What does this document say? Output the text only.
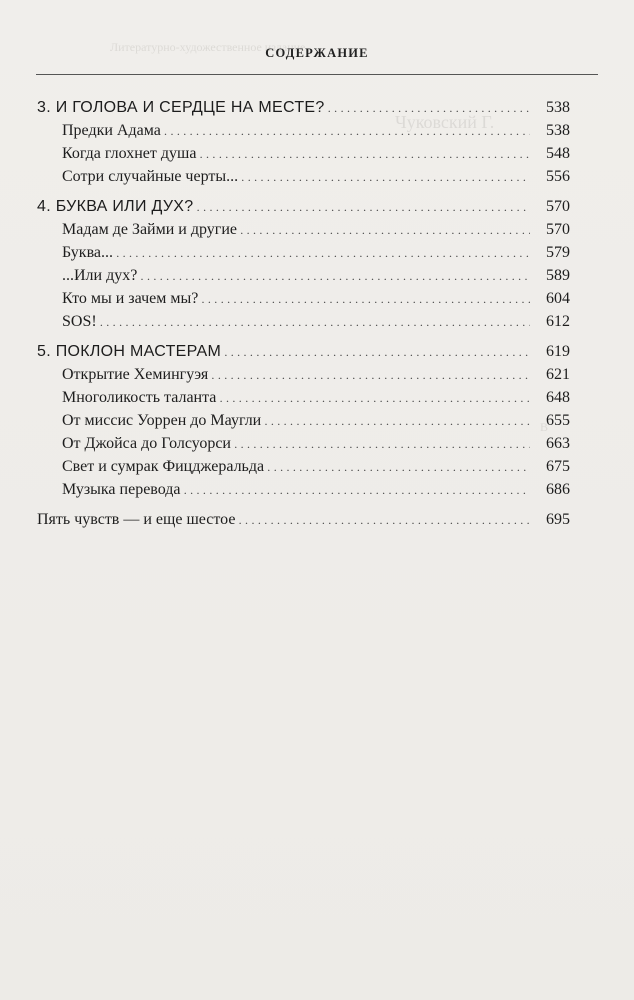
Литературно-художественное издание
Чуковский Г.
В
СОДЕРЖАНИЕ
3. И ГОЛОВА И СЕРДЦЕ НА МЕСТЕ? . . .	538
Предки Адама . . .	538
Когда глохнет душа . . .	548
Сотри случайные черты... . . .	556
4. БУКВА ИЛИ ДУХ? . . .	570
Мадам де Займи и другие . . .	570
Буква... . . .	579
...Или дух? . . .	589
Кто мы и зачем мы? . . .	604
SOS! . . .	612
5. ПОКЛОН МАСТЕРАМ . . .	619
Открытие Хемингуэя . . .	621
Многоликость таланта . . .	648
От миссис Уоррен до Маугли . . .	655
От Джойса до Голсуорси . . .	663
Свет и сумрак Фицджеральда . . .	675
Музыка перевода . . .	686
Пять чувств — и еще шестое . . .	695
